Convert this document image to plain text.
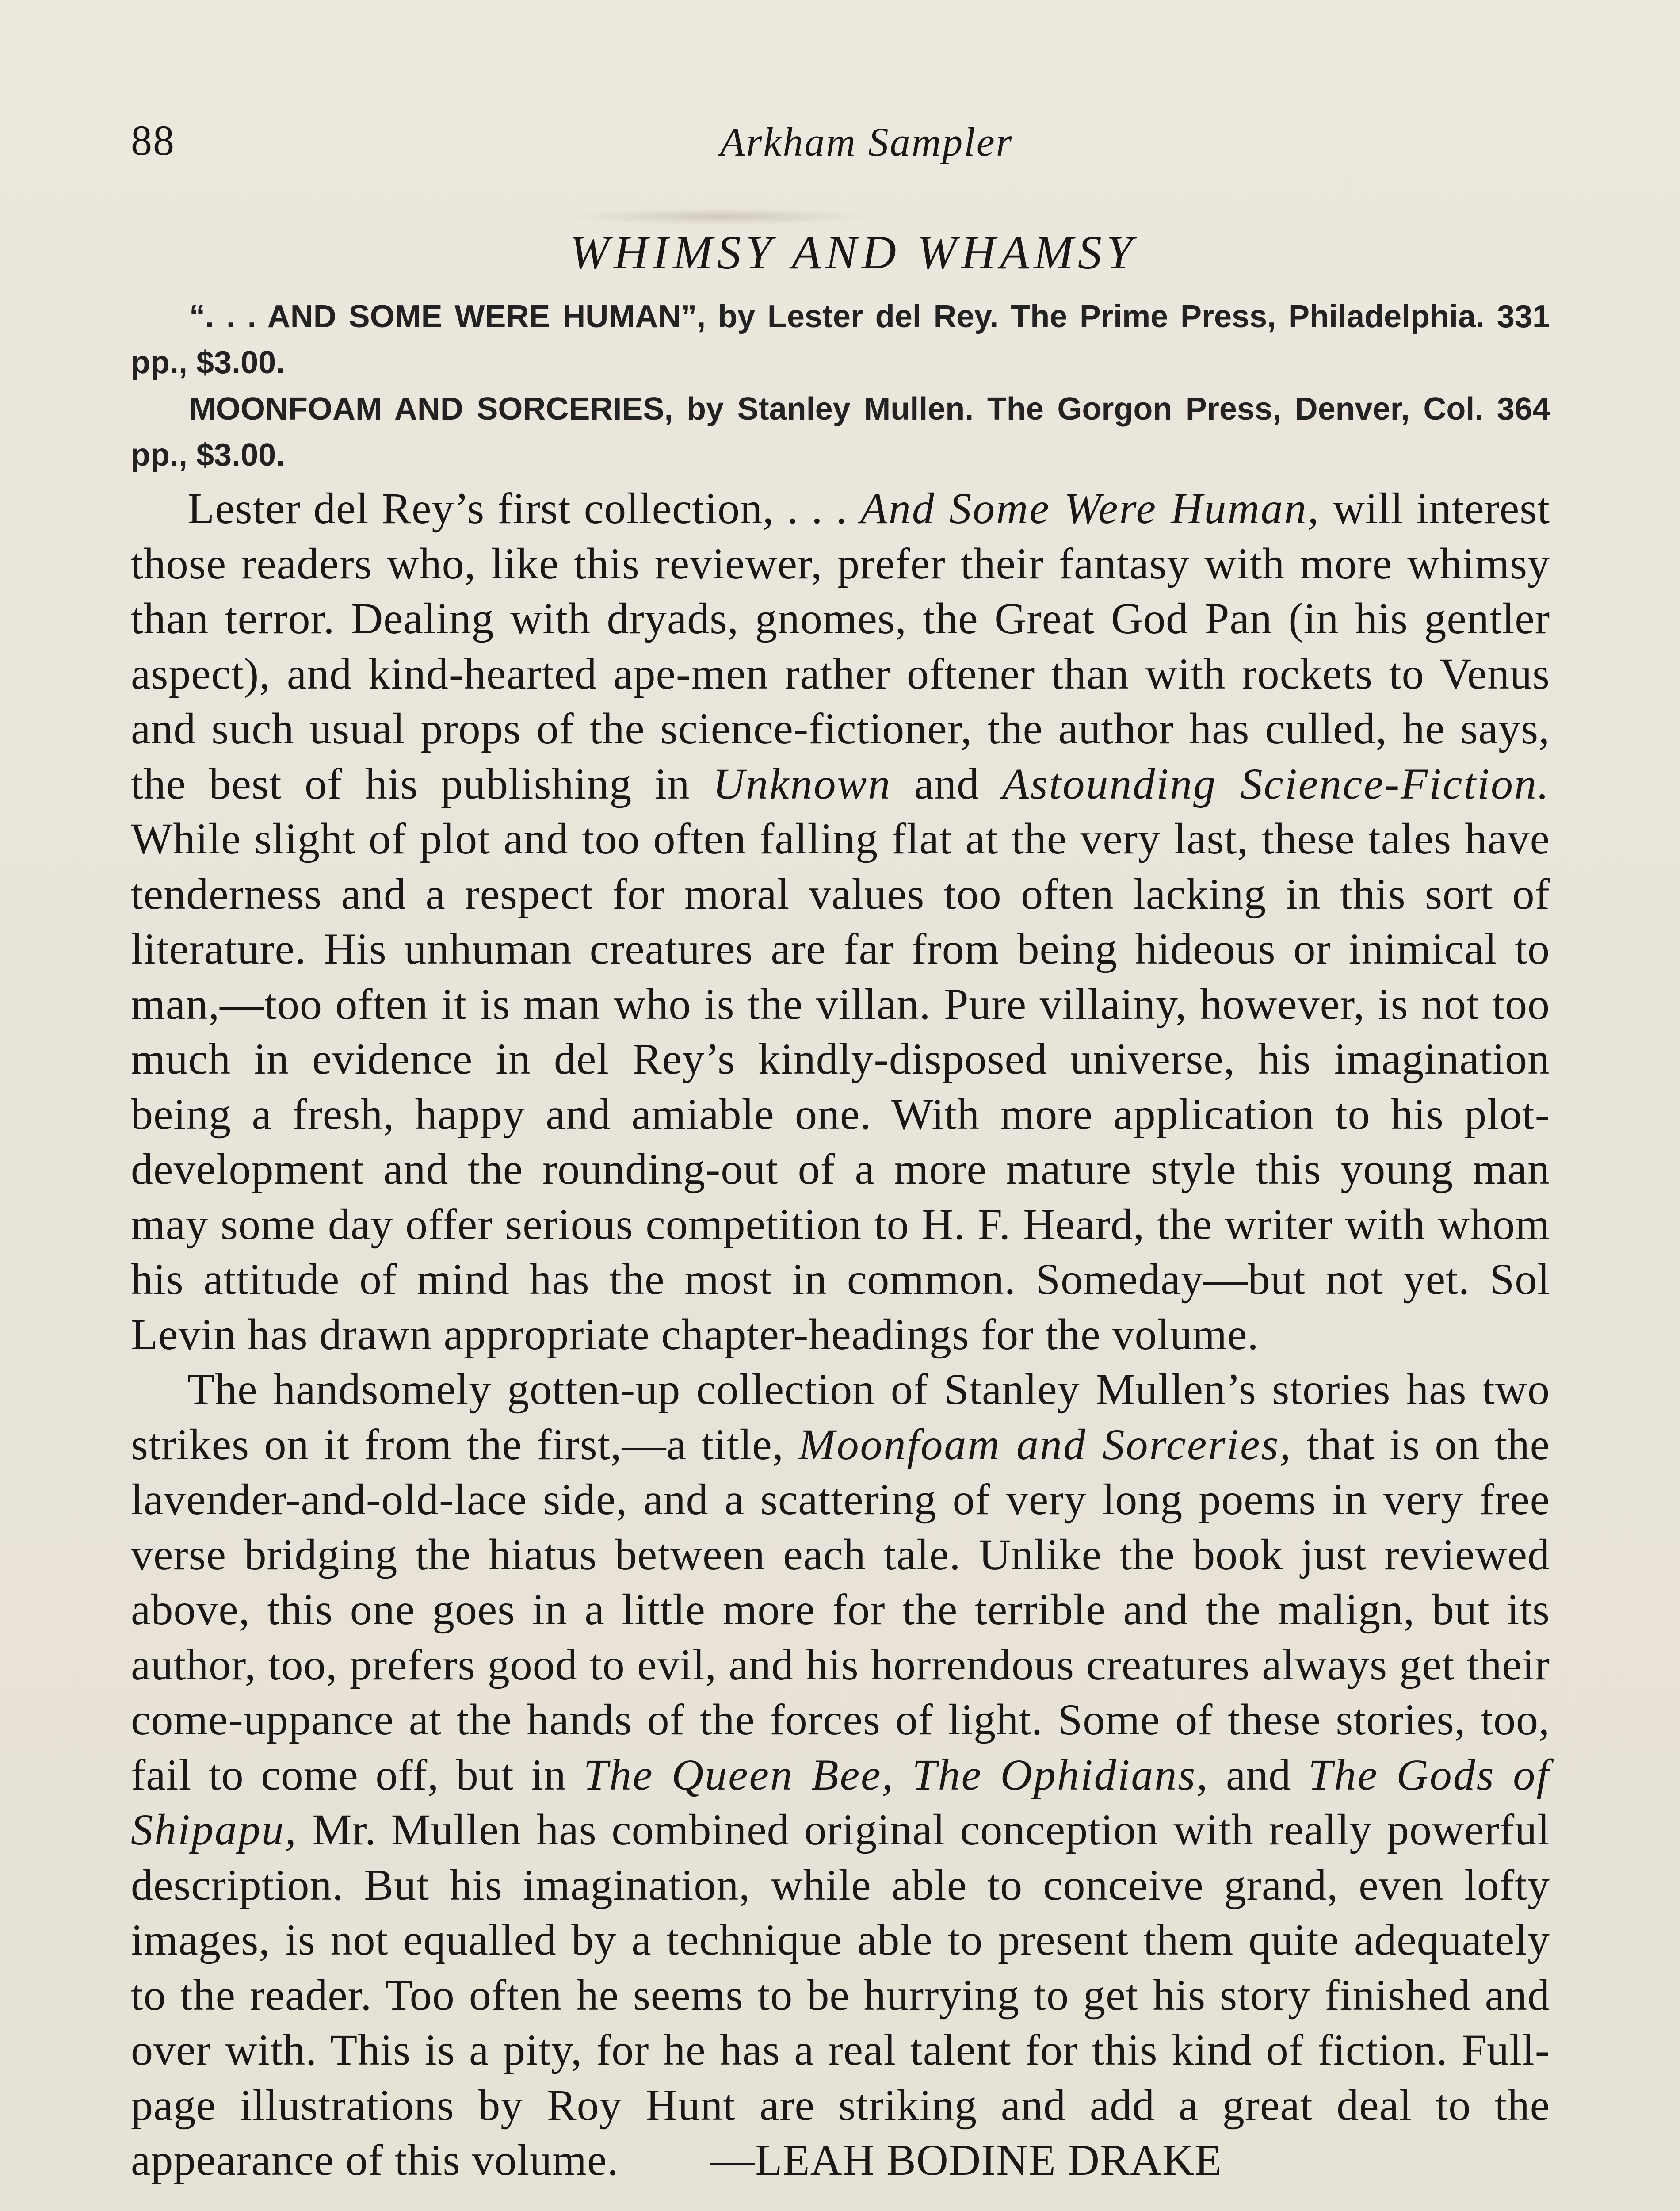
88	Arkham Sampler
WHIMSY AND WHAMSY
“. . . AND SOME WERE HUMAN”, by Lester del Rey. The Prime Press, Philadelphia. 331 pp., $3.00.
MOONFOAM AND SORCERIES, by Stanley Mullen. The Gorgon Press, Denver, Col. 364 pp., $3.00.

Lester del Rey’s first collection, . . . And Some Were Human, will interest those readers who, like this reviewer, prefer their fantasy with more whimsy than terror. Dealing with dryads, gnomes, the Great God Pan (in his gentler aspect), and kind-hearted ape-men rather oftener than with rockets to Venus and such usual props of the science-fictioner, the author has culled, he says, the best of his publishing in Unknown and Astounding Science-Fiction. While slight of plot and too often falling flat at the very last, these tales have tenderness and a respect for moral values too often lacking in this sort of literature. His unhuman creatures are far from being hideous or inimical to man,—too often it is man who is the villan. Pure villainy, however, is not too much in evidence in del Rey’s kindly-disposed universe, his imagination being a fresh, happy and amiable one. With more application to his plot-development and the rounding-out of a more mature style this young man may some day offer serious competition to H. F. Heard, the writer with whom his attitude of mind has the most in common. Someday—but not yet. Sol Levin has drawn appropriate chapter-headings for the volume.

The handsomely gotten-up collection of Stanley Mullen’s stories has two strikes on it from the first,—a title, Moonfoam and Sorceries, that is on the lavender-and-old-lace side, and a scattering of very long poems in very free verse bridging the hiatus between each tale. Unlike the book just reviewed above, this one goes in a little more for the terrible and the malign, but its author, too, prefers good to evil, and his horrendous creatures always get their come-uppance at the hands of the forces of light. Some of these stories, too, fail to come off, but in The Queen Bee, The Ophidians, and The Gods of Shipapu, Mr. Mullen has combined original conception with really powerful description. But his imagination, while able to conceive grand, even lofty images, is not equalled by a technique able to present them quite adequately to the reader. Too often he seems to be hurrying to get his story finished and over with. This is a pity, for he has a real talent for this kind of fiction. Full-page illustrations by Roy Hunt are striking and add a great deal to the appearance of this volume. —LEAH BODINE DRAKE
